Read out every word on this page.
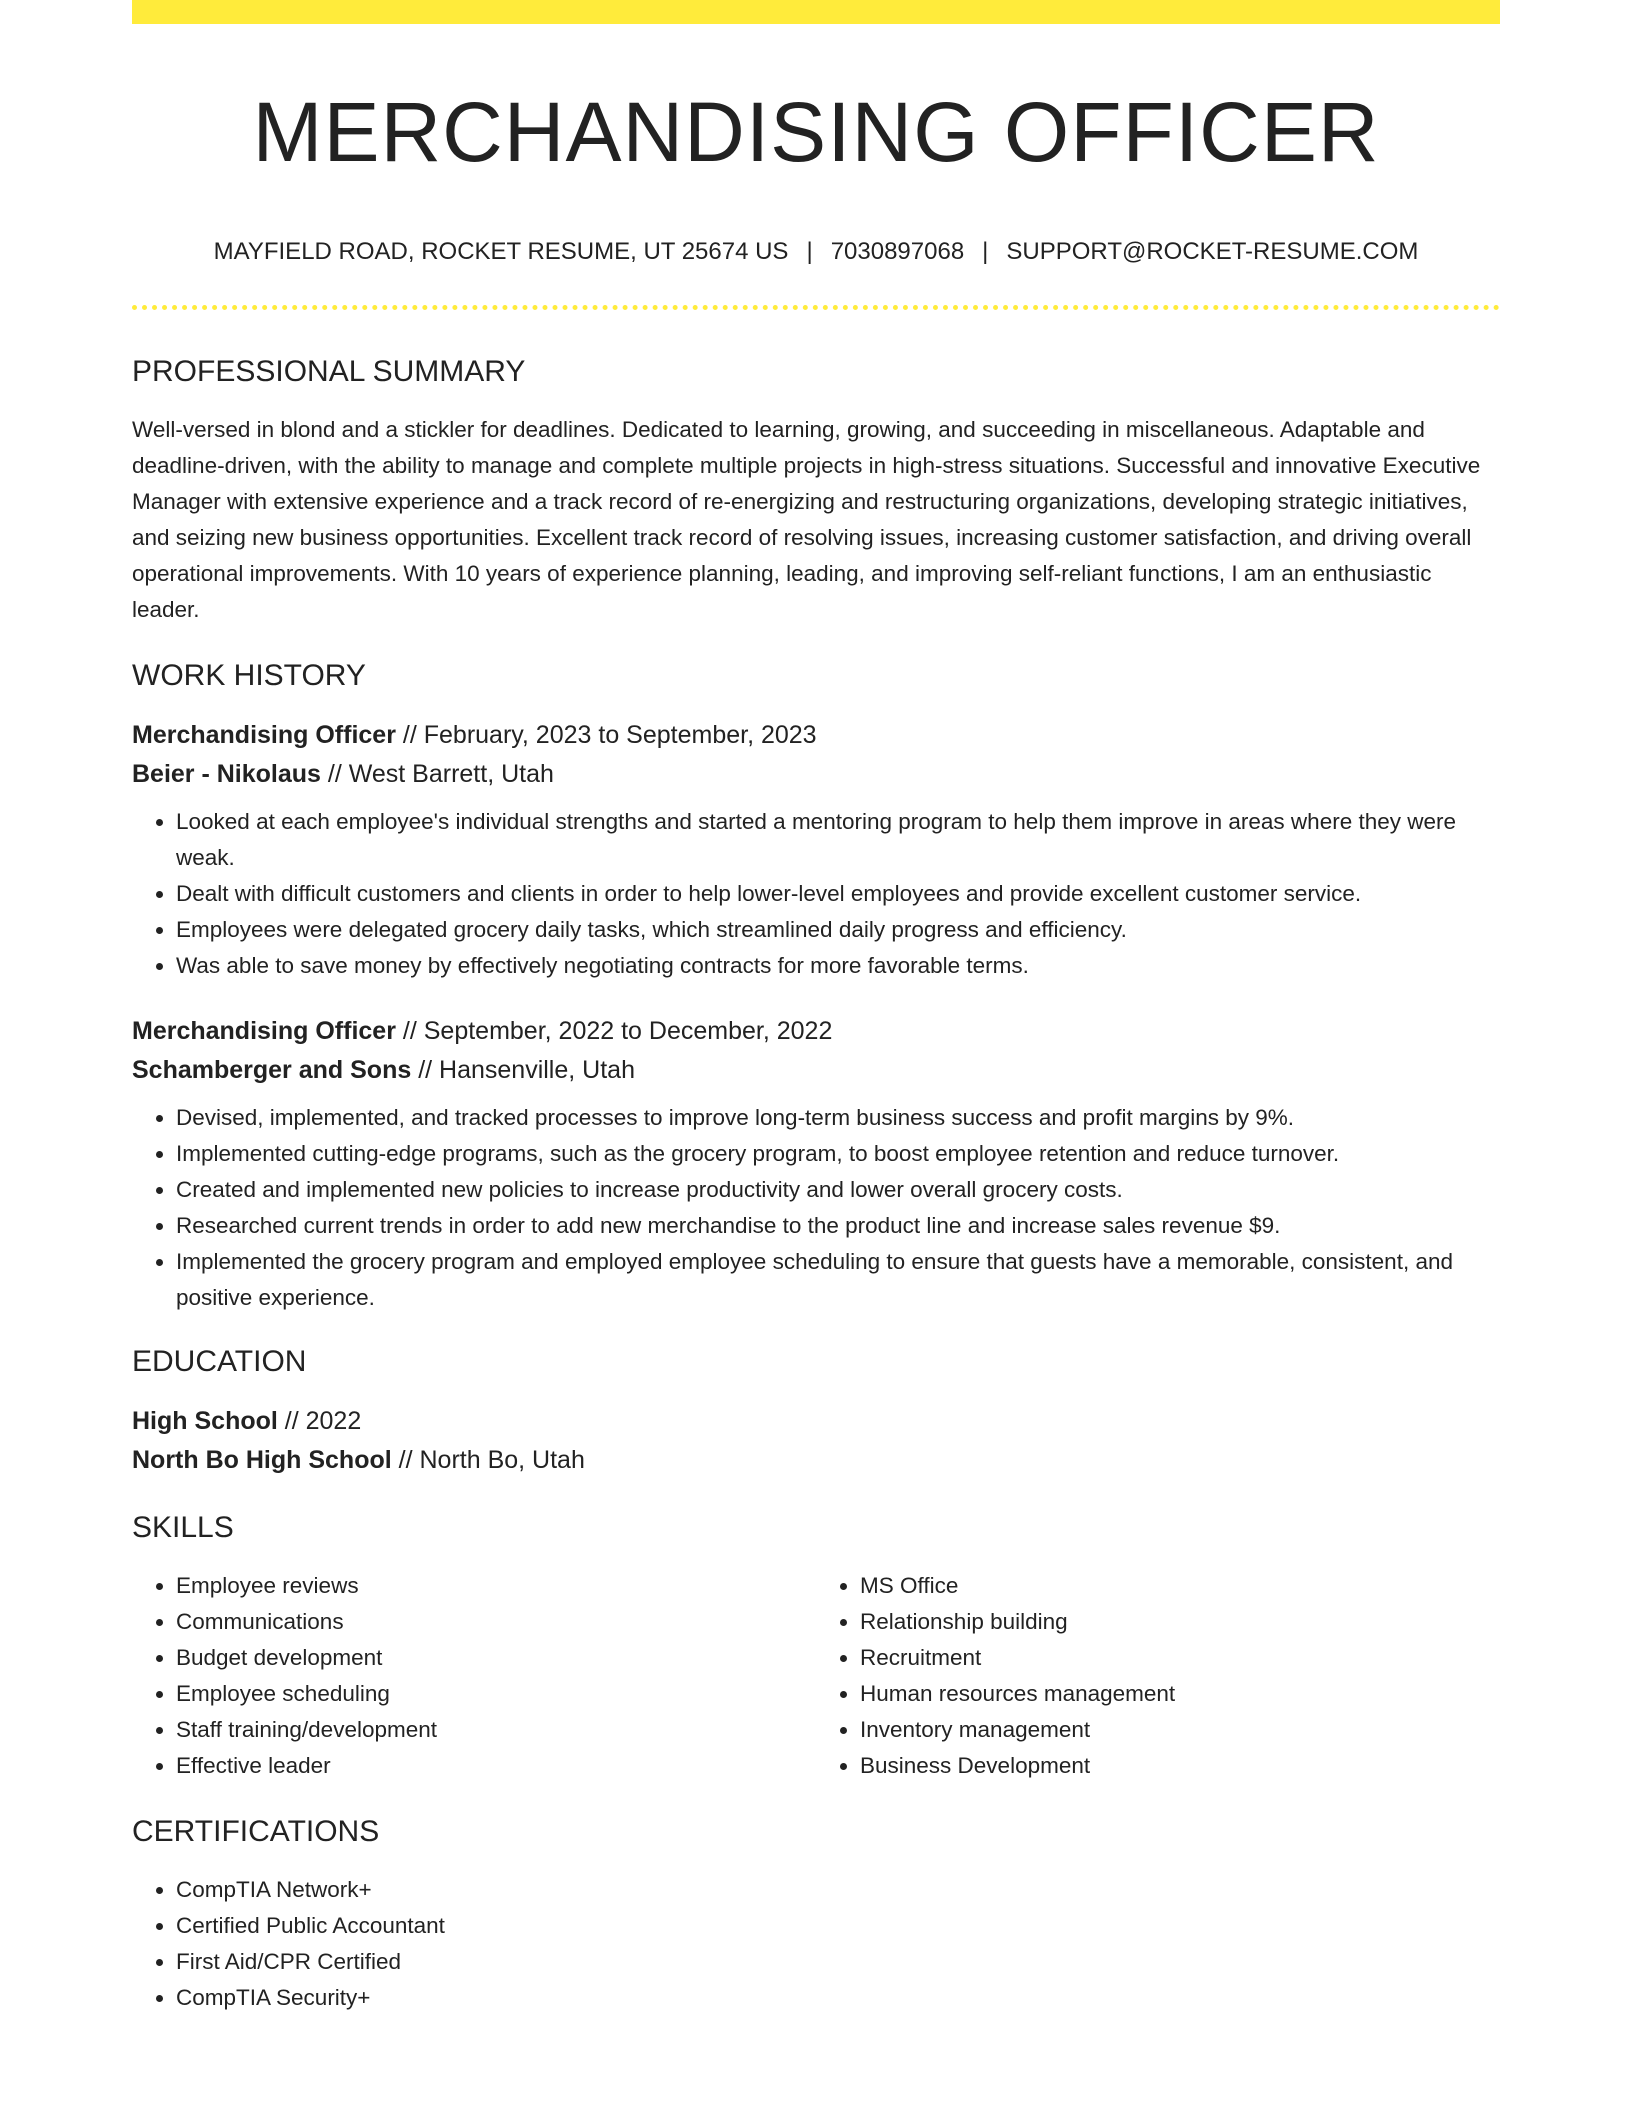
MERCHANDISING OFFICER
MAYFIELD ROAD, ROCKET RESUME, UT 25674 US | 7030897068 | SUPPORT@ROCKET-RESUME.COM
PROFESSIONAL SUMMARY

Well-versed in blond and a stickler for deadlines. Dedicated to learning, growing, and succeeding in miscellaneous. Adaptable and deadline-driven, with the ability to manage and complete multiple projects in high-stress situations. Successful and innovative Executive Manager with extensive experience and a track record of re-energizing and restructuring organizations, developing strategic initiatives, and seizing new business opportunities. Excellent track record of resolving issues, increasing customer satisfaction, and driving overall operational improvements. With 10 years of experience planning, leading, and improving self-reliant functions, I am an enthusiastic leader.

WORK HISTORY
Merchandising Officer // February, 2023 to September, 2023
Beier - Nikolaus // West Barrett, Utah
• Looked at each employee's individual strengths and started a mentoring program to help them improve in areas where they were weak.
• Dealt with difficult customers and clients in order to help lower-level employees and provide excellent customer service.
• Employees were delegated grocery daily tasks, which streamlined daily progress and efficiency.
• Was able to save money by effectively negotiating contracts for more favorable terms.
Merchandising Officer // September, 2022 to December, 2022
Schamberger and Sons // Hansenville, Utah
• Devised, implemented, and tracked processes to improve long-term business success and profit margins by 9%.
• Implemented cutting-edge programs, such as the grocery program, to boost employee retention and reduce turnover.
• Created and implemented new policies to increase productivity and lower overall grocery costs.
• Researched current trends in order to add new merchandise to the product line and increase sales revenue $9.
• Implemented the grocery program and employed employee scheduling to ensure that guests have a memorable, consistent, and positive experience.
EDUCATION
High School // 2022
North Bo High School // North Bo, Utah
SKILLS
• Employee reviews
• Communications
• Budget development
• Employee scheduling
• Staff training/development
• Effective leader
• MS Office
• Relationship building
• Recruitment
• Human resources management
• Inventory management
• Business Development
CERTIFICATIONS
• CompTIA Network+
• Certified Public Accountant
• First Aid/CPR Certified
• CompTIA Security+
